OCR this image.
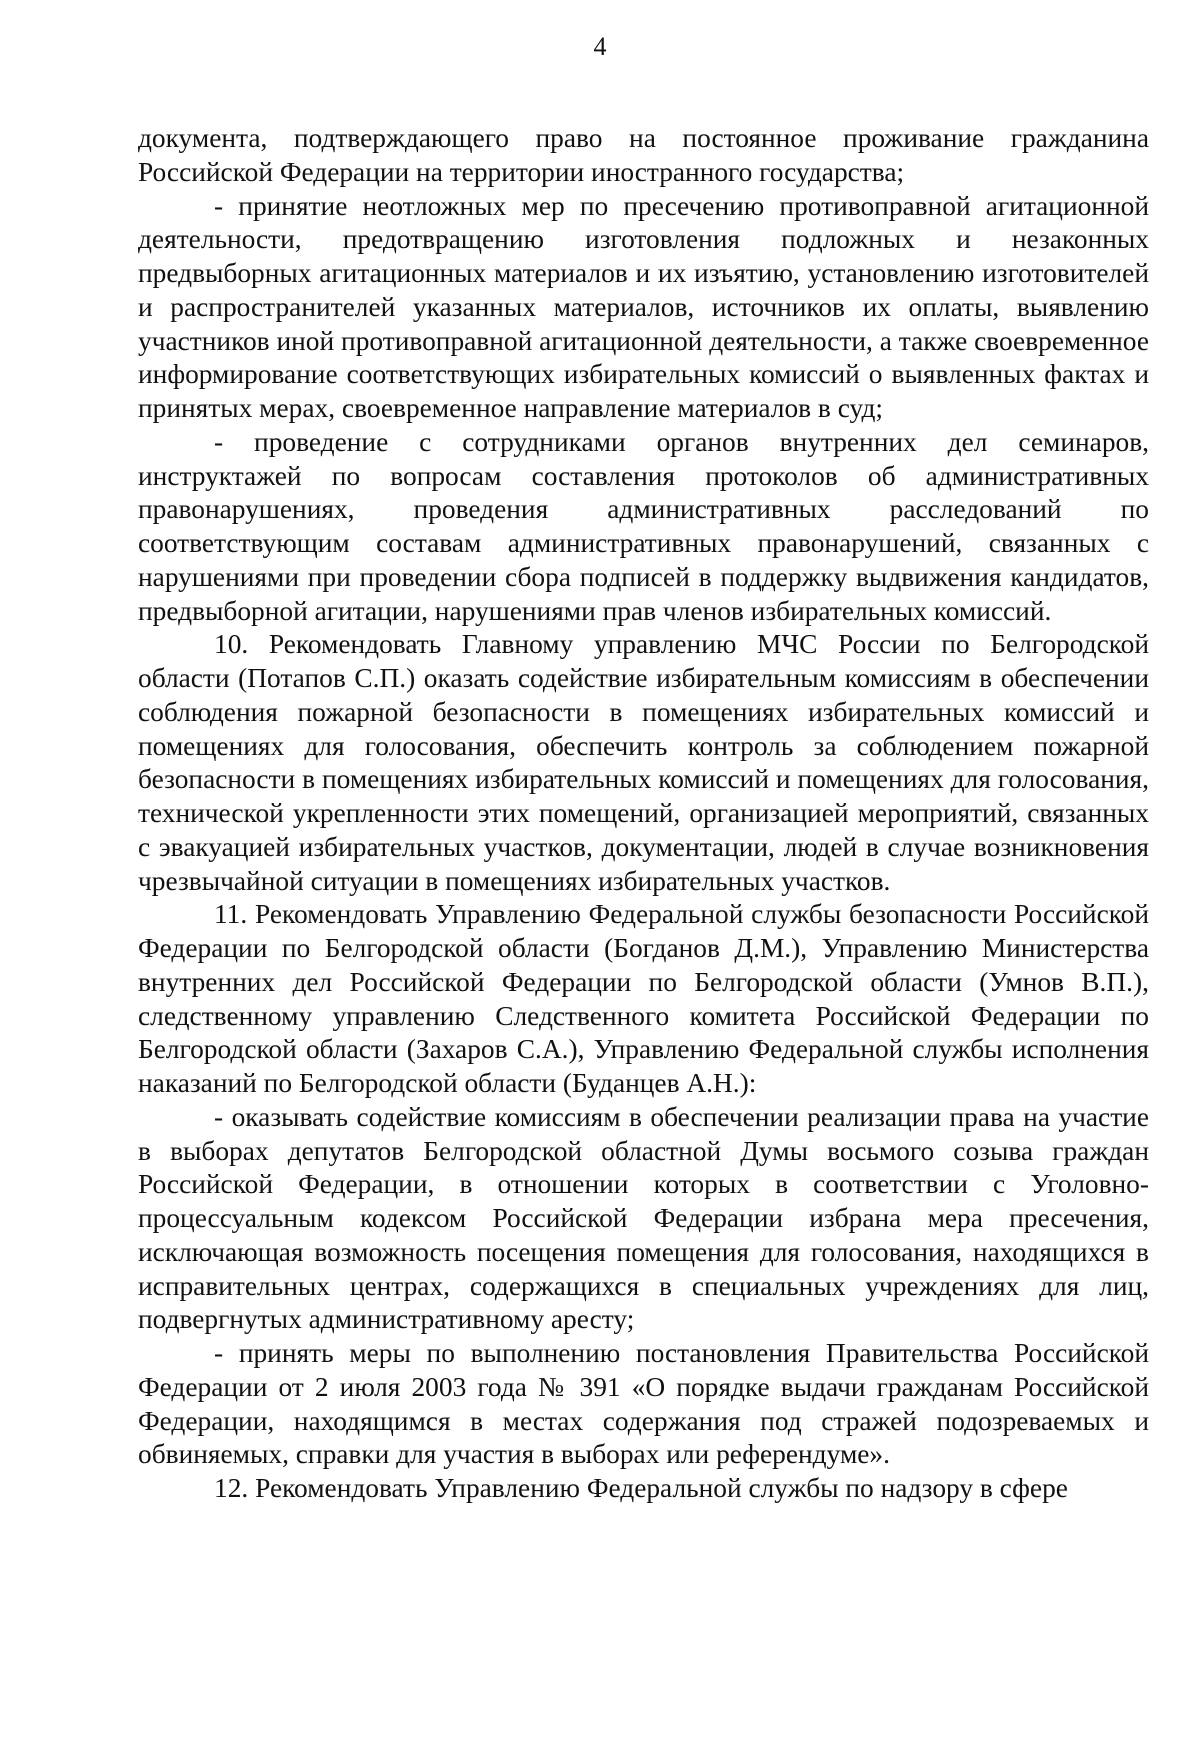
4

документа, подтверждающего право на постоянное проживание гражданина Российской Федерации на территории иностранного государства;

- принятие неотложных мер по пресечению противоправной агитационной деятельности, предотвращению изготовления подложных и незаконных предвыборных агитационных материалов и их изъятию, установлению изготовителей и распространителей указанных материалов, источников их оплаты, выявлению участников иной противоправной агитационной деятельности, а также своевременное информирование соответствующих избирательных комиссий о выявленных фактах и принятых мерах, своевременное направление материалов в суд;

- проведение с сотрудниками органов внутренних дел семинаров, инструктажей по вопросам составления протоколов об административных правонарушениях, проведения административных расследований по соответствующим составам административных правонарушений, связанных с нарушениями при проведении сбора подписей в поддержку выдвижения кандидатов, предвыборной агитации, нарушениями прав членов избирательных комиссий.

10. Рекомендовать Главному управлению МЧС России по Белгородской области (Потапов С.П.) оказать содействие избирательным комиссиям в обеспечении соблюдения пожарной безопасности в помещениях избирательных комиссий и помещениях для голосования, обеспечить контроль за соблюдением пожарной безопасности в помещениях избирательных комиссий и помещениях для голосования, технической укрепленности этих помещений, организацией мероприятий, связанных с эвакуацией избирательных участков, документации, людей в случае возникновения чрезвычайной ситуации в помещениях избирательных участков.

11. Рекомендовать Управлению Федеральной службы безопасности Российской Федерации по Белгородской области (Богданов Д.М.), Управлению Министерства внутренних дел Российской Федерации по Белгородской области (Умнов В.П.), следственному управлению Следственного комитета Российской Федерации по Белгородской области (Захаров С.А.), Управлению Федеральной службы исполнения наказаний по Белгородской области (Буданцев А.Н.):

- оказывать содействие комиссиям в обеспечении реализации права на участие в выборах депутатов Белгородской областной Думы восьмого созыва граждан Российской Федерации, в отношении которых в соответствии с Уголовно-процессуальным кодексом Российской Федерации избрана мера пресечения, исключающая возможность посещения помещения для голосования, находящихся в исправительных центрах, содержащихся в специальных учреждениях для лиц, подвергнутых административному аресту;

- принять меры по выполнению постановления Правительства Российской Федерации от 2 июля 2003 года № 391 «О порядке выдачи гражданам Российской Федерации, находящимся в местах содержания под стражей подозреваемых и обвиняемых, справки для участия в выборах или референдуме».

12. Рекомендовать Управлению Федеральной службы по надзору в сфере
